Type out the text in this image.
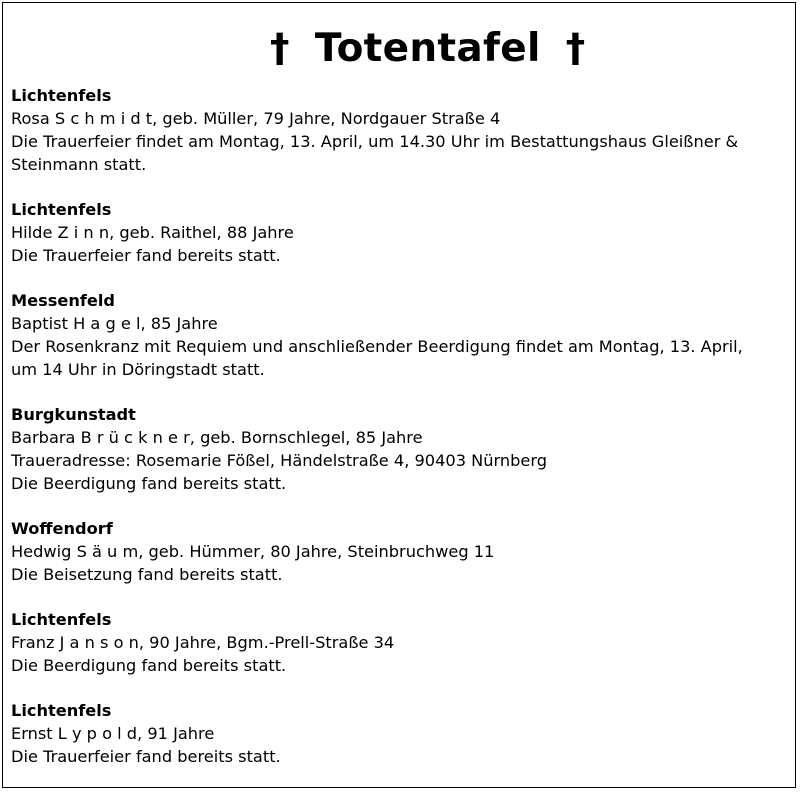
† Totentafel †

Lichtenfels
Rosa S c h m i d t, geb. Müller, 79 Jahre, Nordgauer Straße 4
Die Trauerfeier findet am Montag, 13. April, um 14.30 Uhr im Bestattungshaus Gleißner &
Steinmann statt.
Lichtenfels
Hilde Z i n n, geb. Raithel, 88 Jahre
Die Trauerfeier fand bereits statt.
Messenfeld
Baptist H a g e l, 85 Jahre
Der Rosenkranz mit Requiem und anschließender Beerdigung findet am Montag, 13. April,
um 14 Uhr in Döringstadt statt.
Burgkunstadt
Barbara B r ü c k n e r, geb. Bornschlegel, 85 Jahre
Traueradresse: Rosemarie Fößel, Händelstraße 4, 90403 Nürnberg
Die Beerdigung fand bereits statt.
Woffendorf
Hedwig S ä u m, geb. Hümmer, 80 Jahre, Steinbruchweg 11
Die Beisetzung fand bereits statt.
Lichtenfels
Franz J a n s o n, 90 Jahre, Bgm.-Prell-Straße 34
Die Beerdigung fand bereits statt.
Lichtenfels
Ernst L y p o l d, 91 Jahre
Die Trauerfeier fand bereits statt.
